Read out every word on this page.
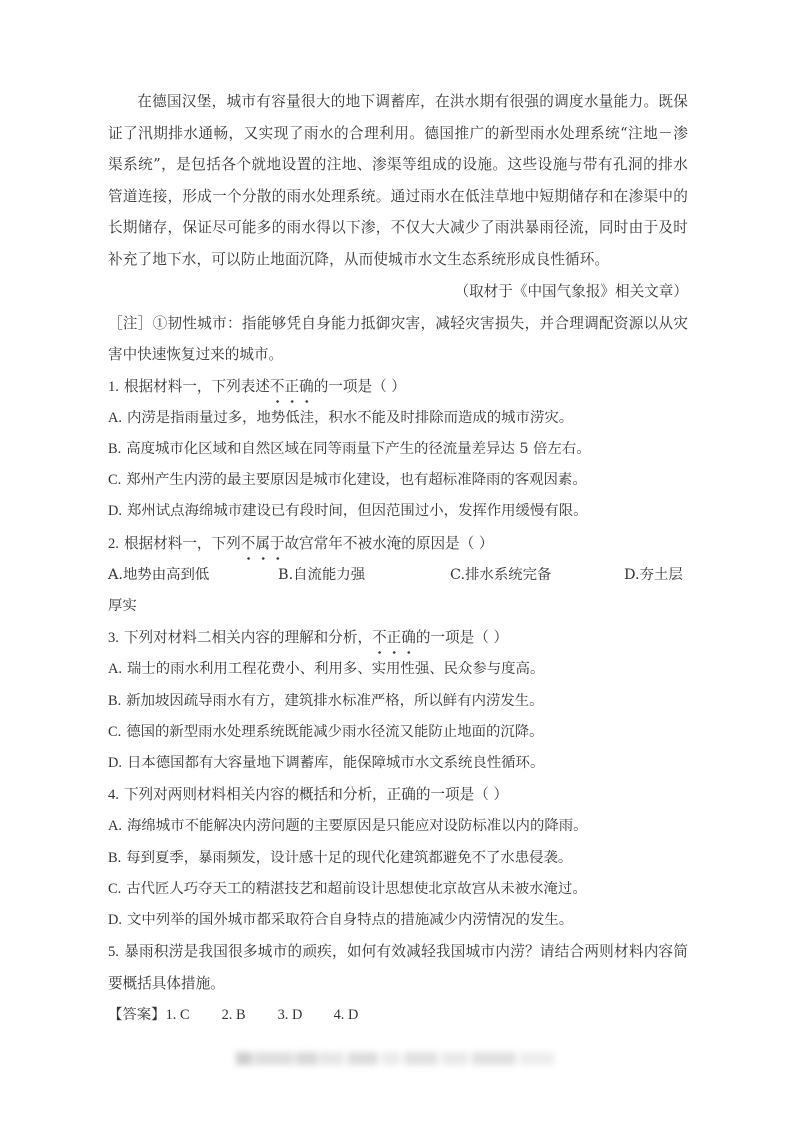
在德国汉堡，城市有容量很大的地下调蓄库，在洪水期有很强的调度水量能力。既保证了汛期排水通畅，又实现了雨水的合理利用。德国推广的新型雨水处理系统“注地－渗渠系统”，是包括各个就地设置的注地、渗渠等组成的设施。这些设施与带有孔洞的排水管道连接，形成一个分散的雨水处理系统。通过雨水在低洼草地中短期储存和在渗渠中的长期储存，保证尽可能多的雨水得以下渗，不仅大大减少了雨洪暴雨径流，同时由于及时补充了地下水，可以防止地面沉降，从而使城市水文生态系统形成良性循环。

（取材于《中国气象报》相关文章）
［注］①韧性城市：指能够凭自身能力抵御灾害，减轻灾害损失，并合理调配资源以从灾害中快速恢复过来的城市。
1. 根据材料一，下列表述不正确的一项是（ ）
A. 内涝是指雨量过多，地势低洼，积水不能及时排除而造成的城市涝灾。
B. 高度城市化区域和自然区域在同等雨量下产生的径流量差异达 5 倍左右。
C. 郑州产生内涝的最主要原因是城市化建设，也有超标准降雨的客观因素。
D. 郑州试点海绵城市建设已有段时间，但因范围过小，发挥作用缓慢有限。
2. 根据材料一，下列不属于故宫常年不被水淹的原因是（ ）
A.地势由高到低	B.自流能力强	C.排水系统完备	D.夯土层
厚实
3. 下列对材料二相关内容的理解和分析，不正确的一项是（ ）
A. 瑞士的雨水利用工程花费小、利用多、实用性强、民众参与度高。
B. 新加坡因疏导雨水有方，建筑排水标准严格，所以鲜有内涝发生。
C. 德国的新型雨水处理系统既能减少雨水径流又能防止地面的沉降。
D. 日本德国都有大容量地下调蓄库，能保障城市水文系统良性循环。
4. 下列对两则材料相关内容的概括和分析，正确的一项是（ ）
A. 海绵城市不能解决内涝问题的主要原因是只能应对设防标准以内的降雨。
B. 每到夏季，暴雨频发，设计感十足的现代化建筑都避免不了水患侵袭。
C. 古代匠人巧夺天工的精湛技艺和超前设计思想使北京故宫从未被水淹过。
D. 文中列举的国外城市都采取符合自身特点的措施减少内涝情况的发生。
5. 暴雨积涝是我国很多城市的顽疾，如何有效减轻我国城市内涝？请结合两则材料内容简要概括具体措施。
【答案】1. C 2. B 3. D 4. D
